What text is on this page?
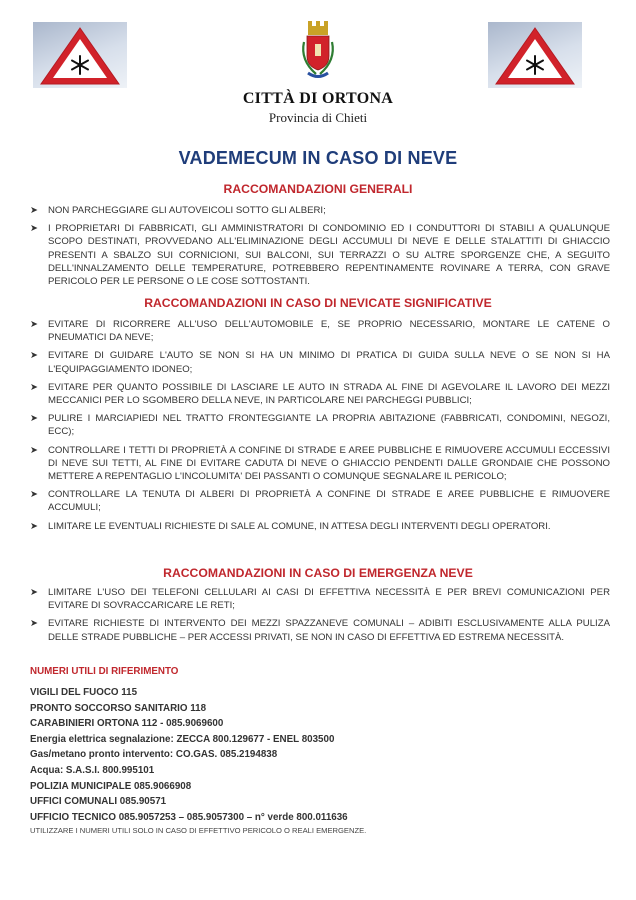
CITTÀ DI ORTONA
Provincia di Chieti
VADEMECUM IN CASO DI NEVE
RACCOMANDAZIONI GENERALI
➤ NON PARCHEGGIARE GLI AUTOVEICOLI SOTTO GLI ALBERI;
➤ I PROPRIETARI DI FABBRICATI, GLI AMMINISTRATORI DI CONDOMINIO ED I CONDUTTORI DI STABILI A QUALUNQUE SCOPO DESTINATI, PROVVEDANO ALL'ELIMINAZIONE DEGLI ACCUMULI DI NEVE E DELLE STALATTITI DI GHIACCIO PRESENTI A SBALZO SUI CORNICIONI, SUI BALCONI, SUI TERRAZZI O SU ALTRE SPORGENZE CHE, A SEGUITO DELL'INNALZAMENTO DELLE TEMPERATURE, POTREBBERO REPENTINAMENTE ROVINARE A TERRA, CON GRAVE PERICOLO PER LE PERSONE O LE COSE SOTTOSTANTI.
RACCOMANDAZIONI IN CASO DI NEVICATE SIGNIFICATIVE
➤ EVITARE DI RICORRERE ALL'USO DELL'AUTOMOBILE E, SE PROPRIO NECESSARIO, MONTARE LE CATENE O PNEUMATICI DA NEVE;
➤ EVITARE DI GUIDARE L'AUTO SE NON SI HA UN MINIMO DI PRATICA DI GUIDA SULLA NEVE O SE NON SI HA L'EQUIPAGGIAMENTO IDONEO;
➤ EVITARE PER QUANTO POSSIBILE DI LASCIARE LE AUTO IN STRADA AL FINE DI AGEVOLARE IL LAVORO DEI MEZZI MECCANICI PER LO SGOMBERO DELLA NEVE, IN PARTICOLARE NEI PARCHEGGI PUBBLICI;
➤ PULIRE I MARCIAPIEDI NEL TRATTO FRONTEGGIANTE LA PROPRIA ABITAZIONE (FABBRICATI, CONDOMINI, NEGOZI, ECC);
➤ CONTROLLARE I TETTI DI PROPRIETÀ A CONFINE DI STRADE E AREE PUBBLICHE E RIMUOVERE ACCUMULI ECCESSIVI DI NEVE SUI TETTI, AL FINE DI EVITARE CADUTA DI NEVE O GHIACCIO PENDENTI DALLE GRONDAIE CHE POSSONO METTERE A REPENTAGLIO L'INCOLUMITA' DEI PASSANTI O COMUNQUE SEGNALARE IL PERICOLO;
➤ CONTROLLARE LA TENUTA DI ALBERI DI PROPRIETÀ A CONFINE DI STRADE E AREE PUBBLICHE E RIMUOVERE ACCUMULI;
➤ LIMITARE LE EVENTUALI RICHIESTE DI SALE AL COMUNE, IN ATTESA DEGLI INTERVENTI DEGLI OPERATORI.
RACCOMANDAZIONI IN CASO DI EMERGENZA NEVE
➤ LIMITARE L'USO DEI TELEFONI CELLULARI AI CASI DI EFFETTIVA NECESSITÀ E PER BREVI COMUNICAZIONI PER EVITARE DI SOVRACCARICARE LE RETI;
➤ EVITARE RICHIESTE DI INTERVENTO DEI MEZZI SPAZZANEVE COMUNALI – ADIBITI ESCLUSIVAMENTE ALLA PULIZA DELLE STRADE PUBBLICHE – PER ACCESSI PRIVATI, SE NON IN CASO DI EFFETTIVA ED ESTREMA NECESSITÀ.
NUMERI UTILI DI RIFERIMENTO
VIGILI DEL FUOCO 115
PRONTO SOCCORSO SANITARIO 118
CARABINIERI ORTONA 112 - 085.9069600
Energia elettrica segnalazione: ZECCA 800.129677 - ENEL 803500
Gas/metano pronto intervento: CO.GAS. 085.2194838
Acqua: S.A.S.I. 800.995101
POLIZIA MUNICIPALE 085.9066908
UFFICI COMUNALI 085.90571
UFFICIO TECNICO 085.9057253 – 085.9057300 – n° verde 800.011636
UTILIZZARE I NUMERI UTILI SOLO IN CASO DI EFFETTIVO PERICOLO O REALI EMERGENZE.
